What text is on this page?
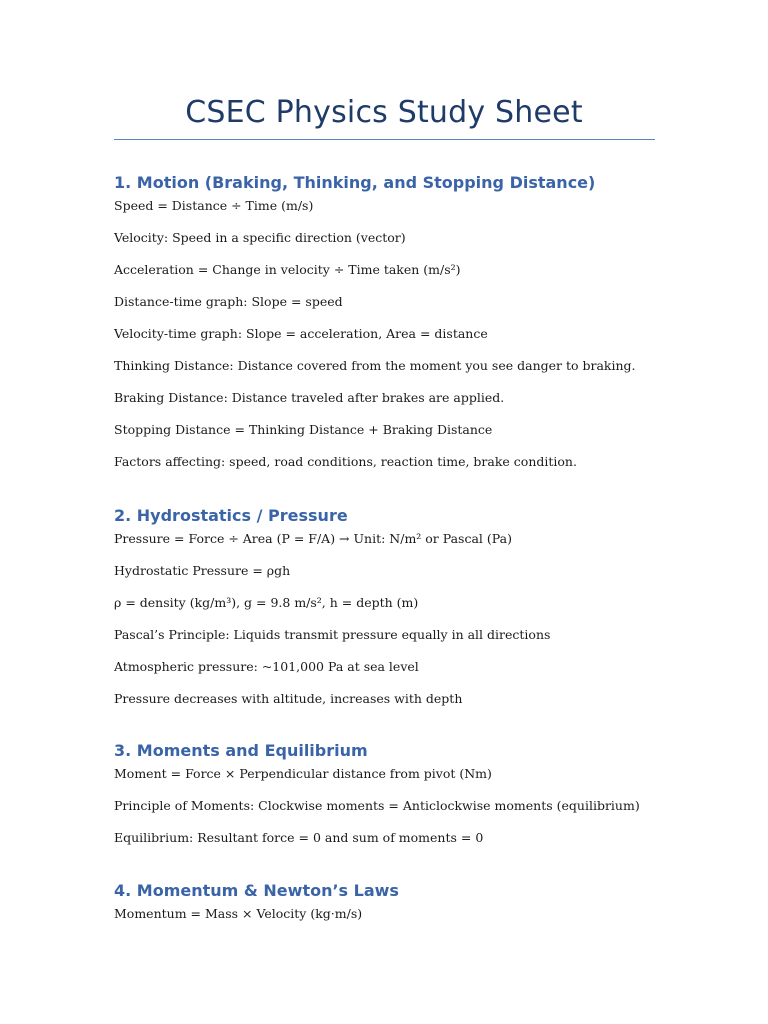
CSEC Physics Study Sheet
1. Motion (Braking, Thinking, and Stopping Distance)
Speed = Distance ÷ Time (m/s)
Velocity: Speed in a specific direction (vector)
Acceleration = Change in velocity ÷ Time taken (m/s²)
Distance-time graph: Slope = speed
Velocity-time graph: Slope = acceleration, Area = distance
Thinking Distance: Distance covered from the moment you see danger to braking.
Braking Distance: Distance traveled after brakes are applied.
Stopping Distance = Thinking Distance + Braking Distance
Factors affecting: speed, road conditions, reaction time, brake condition.
2. Hydrostatics / Pressure
Pressure = Force ÷ Area (P = F/A) → Unit: N/m² or Pascal (Pa)
Hydrostatic Pressure = ρgh
ρ = density (kg/m³), g = 9.8 m/s², h = depth (m)
Pascal’s Principle: Liquids transmit pressure equally in all directions
Atmospheric pressure: ~101,000 Pa at sea level
Pressure decreases with altitude, increases with depth
3. Moments and Equilibrium
Moment = Force × Perpendicular distance from pivot (Nm)
Principle of Moments: Clockwise moments = Anticlockwise moments (equilibrium)
Equilibrium: Resultant force = 0 and sum of moments = 0
4. Momentum & Newton’s Laws
Momentum = Mass × Velocity (kg·m/s)
